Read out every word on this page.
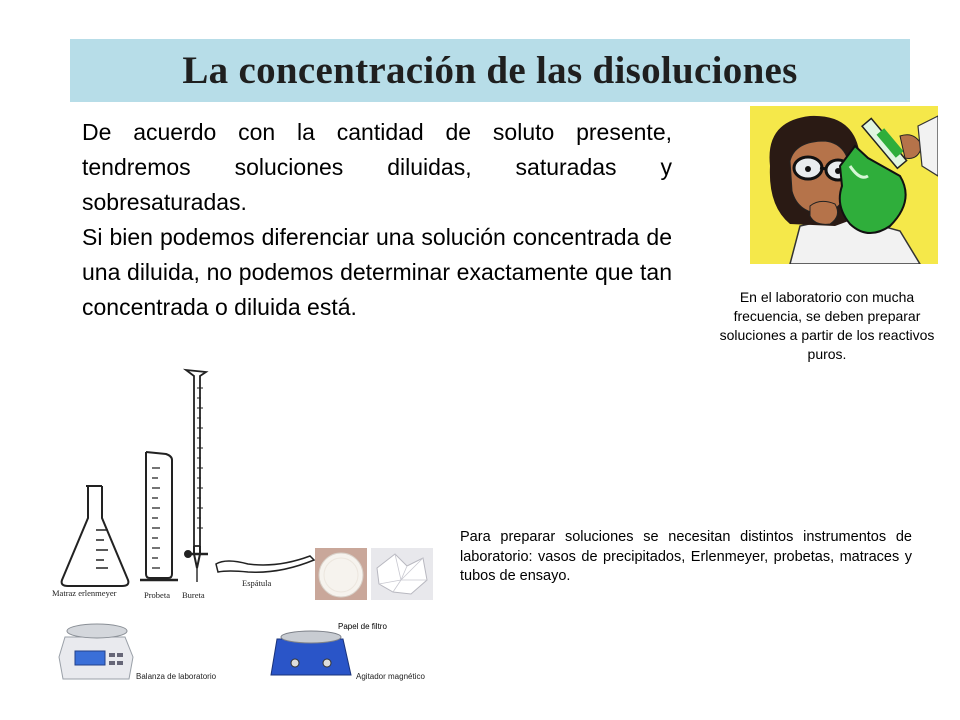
La concentración de las disoluciones

De acuerdo con la cantidad de soluto presente, tendremos soluciones diluidas, saturadas y sobresaturadas.

Si bien podemos diferenciar una solución concentrada de una diluida, no podemos determinar exactamente que tan concentrada o diluida está.	En el laboratorio con mucha frecuencia, se deben preparar soluciones a partir de los reactivos puros.
Matraz erlenmeyer	Probeta Bureta
Espátula
Papel de filtro
Balanza de laboratorio	Agitador magnético
Para preparar soluciones se necesitan distintos instrumentos de laboratorio: vasos de precipitados, Erlenmeyer, probetas, matraces y tubos de ensayo.
